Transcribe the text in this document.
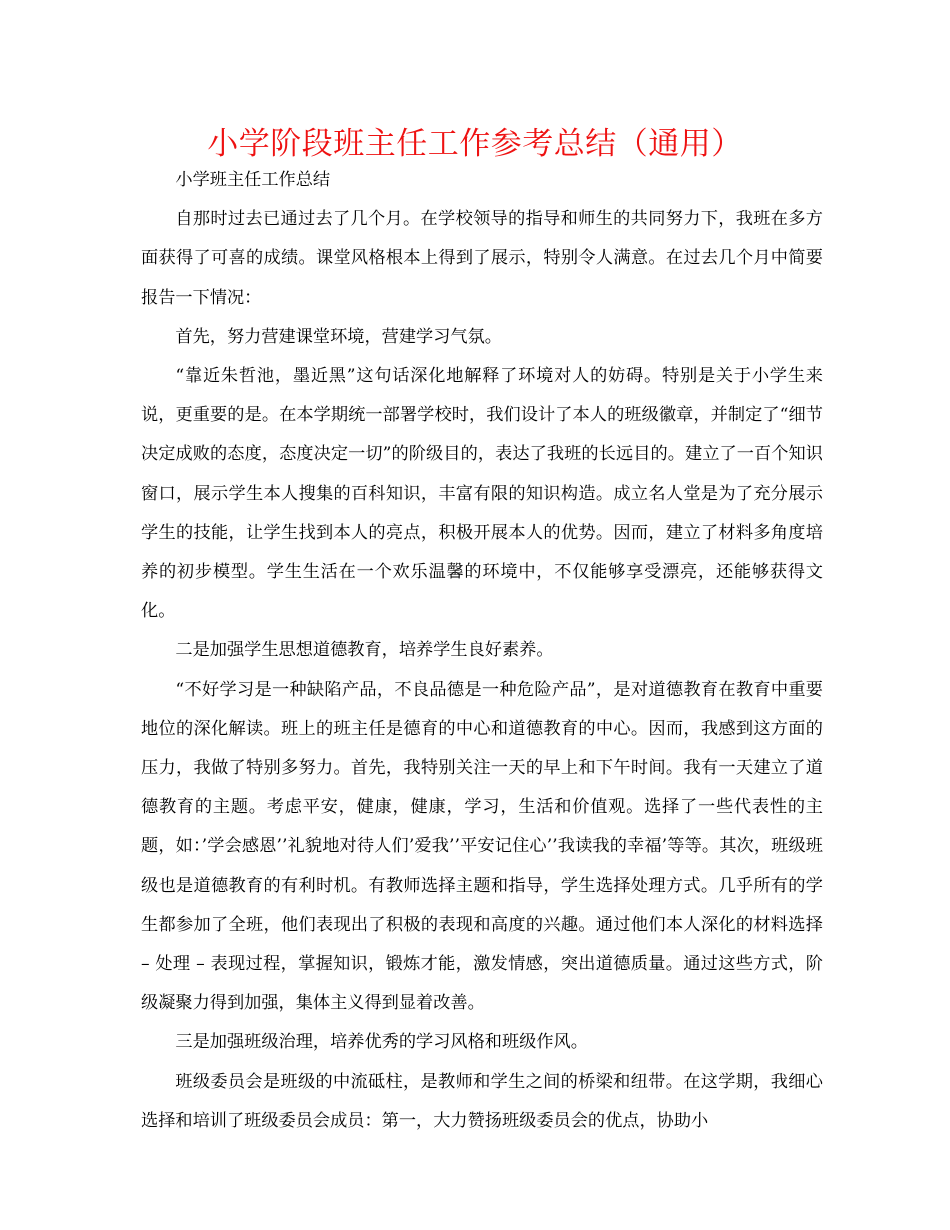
小学阶段班主任工作参考总结（通用）

小学班主任工作总结

自那时过去已通过去了几个月。在学校领导的指导和师生的共同努力下，我班在多方面获得了可喜的成绩。课堂风格根本上得到了展示，特别令人满意。在过去几个月中简要报告一下情况：

首先，努力营建课堂环境，营建学习气氛。

“靠近朱哲池，墨近黑”这句话深化地解释了环境对人的妨碍。特别是关于小学生来说，更重要的是。在本学期统一部署学校时，我们设计了本人的班级徽章，并制定了“细节决定成败的态度，态度决定一切”的阶级目的，表达了我班的长远目的。建立了一百个知识窗口，展示学生本人搜集的百科知识，丰富有限的知识构造。成立名人堂是为了充分展示学生的技能，让学生找到本人的亮点，积极开展本人的优势。因而，建立了材料多角度培养的初步模型。学生生活在一个欢乐温馨的环境中，不仅能够享受漂亮，还能够获得文化。

二是加强学生思想道德教育，培养学生良好素养。

“不好学习是一种缺陷产品，不良品德是一种危险产品”，是对道德教育在教育中重要地位的深化解读。班上的班主任是德育的中心和道德教育的中心。因而，我感到这方面的压力，我做了特别多努力。首先，我特别关注一天的早上和下午时间。我有一天建立了道德教育的主题。考虑平安，健康，健康，学习，生活和价值观。选择了一些代表性的主题，如：’学会感恩’’礼貌地对待人们’爱我’’平安记住心’’我读我的幸福’等等。其次，班级班级也是道德教育的有利时机。有教师选择主题和指导，学生选择处理方式。几乎所有的学生都参加了全班，他们表现出了积极的表现和高度的兴趣。通过他们本人深化的材料选择 – 处理 – 表现过程，掌握知识，锻炼才能，激发情感，突出道德质量。通过这些方式，阶级凝聚力得到加强，集体主义得到显着改善。

三是加强班级治理，培养优秀的学习风格和班级作风。

班级委员会是班级的中流砥柱，是教师和学生之间的桥梁和纽带。在这学期，我细心选择和培训了班级委员会成员：第一，大力赞扬班级委员会的优点，协助小
